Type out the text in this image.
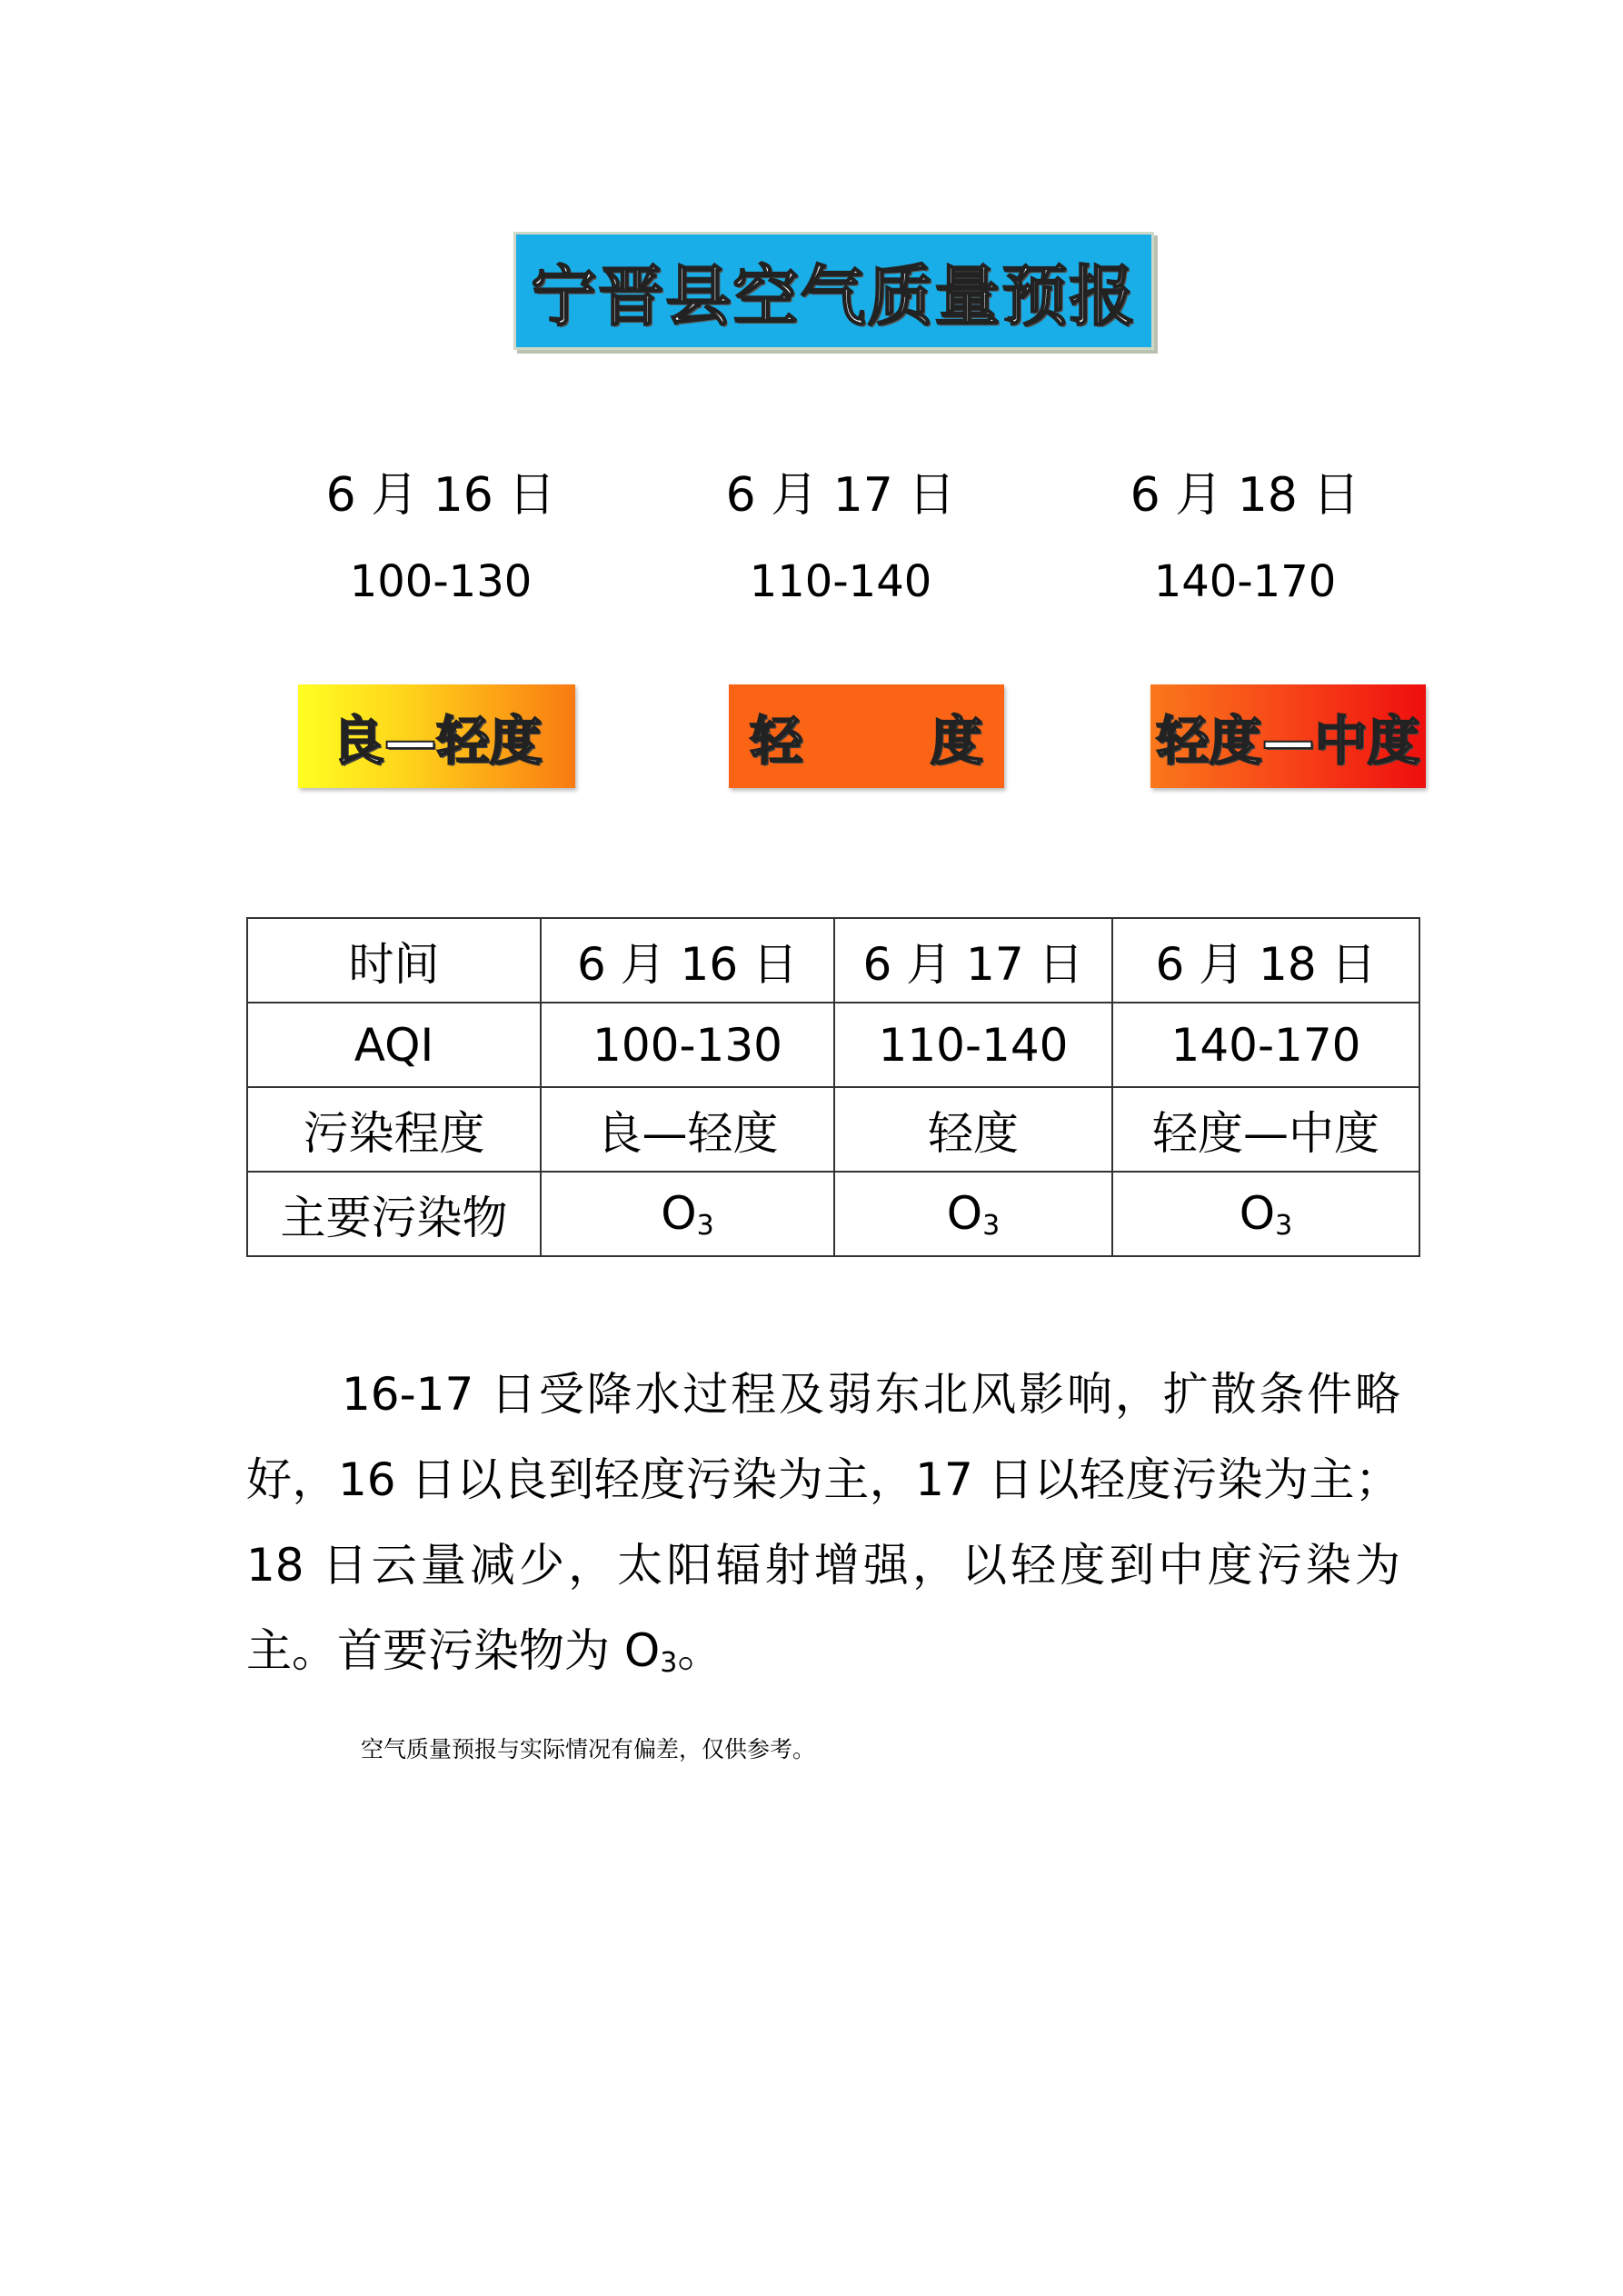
宁晋县空气质量预报
6 月 16 日
100-130
6 月 17 日
110-140
6 月 18 日
140-170
良—轻度	轻 度 轻度—中度
时间	6 月 16 日	6 月 17 日	6 月 18 日
AQI	100-130	110-140	140-170
污染程度	良—轻度	轻度	轻度—中度
主要污染物	$O_3$	$O_3$	$O_3$
16-17 日受降水过程及弱东北风影响，扩散条件略好，16 日以良到轻度污染为主，17 日以轻度污染为主；18 日云量减少，太阳辐射增强，以轻度到中度污染为主。首要污染物为 $O_3$。
空气质量预报与实际情况有偏差，仅供参考。
